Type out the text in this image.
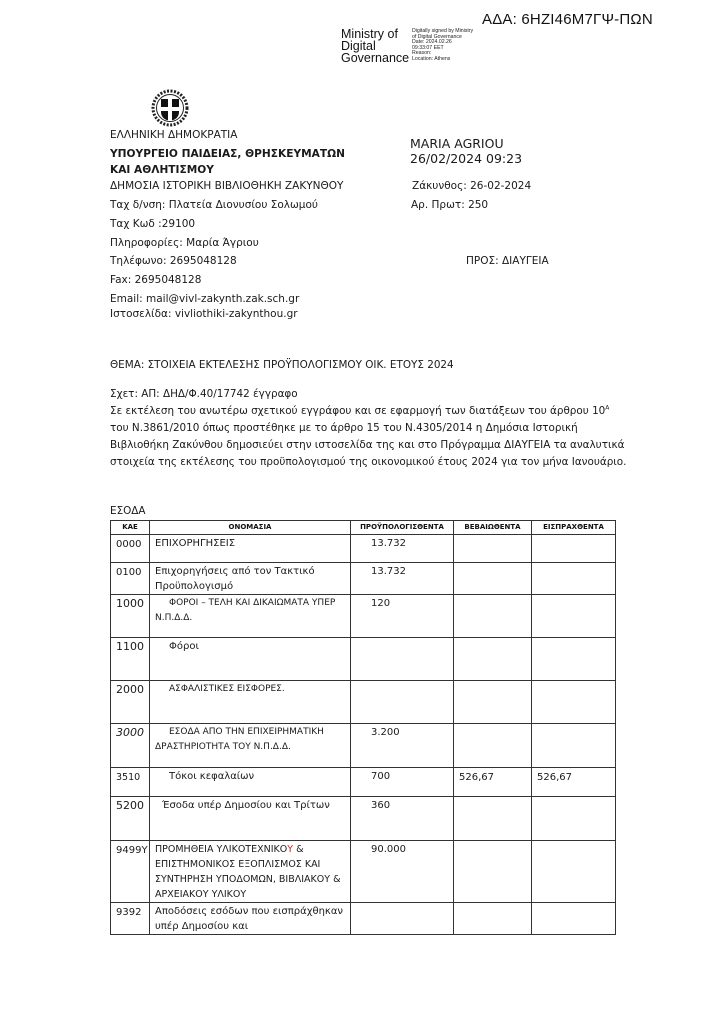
ΑΔΑ: 6ΗΖΙ46Μ7ΓΨ-ΠΩΝ
Ministry of
Digital
Governance
Digitally signed by Ministry
of Digital Governance
Date: 2024.02.26
09:33:07 EET
Reason:
Location: Athens
ΕΛΛΗΝΙΚΗ ΔΗΜΟΚΡΑΤΙΑ
ΥΠΟΥΡΓΕΙΟ ΠΑΙΔΕΙΑΣ, ΘΡΗΣΚΕΥΜΑΤΩΝ
ΚΑΙ ΑΘΛΗΤΙΣΜΟΥ
ΔΗΜΟΣΙΑ ΙΣΤΟΡΙΚΗ ΒΙΒΛΙΟΘΗΚΗ ΖΑΚΥΝΘΟΥ
Ταχ δ/νση: Πλατεία Διονυσίου Σολωμού
Ταχ Κωδ :29100
Πληροφορίες: Μαρία Άγριου
Τηλέφωνο: 2695048128
Fax: 2695048128
Email: mail@vivl-zakynth.zak.sch.gr
Ιστοσελίδα: vivliothiki-zakynthou.gr
MARIA AGRIOU
26/02/2024 09:23
Ζάκυνθος: 26-02-2024
Αρ. Πρωτ: 250
ΠΡΟΣ: ΔΙΑΥΓΕΙΑ
ΘΕΜΑ: ΣΤΟΙΧΕΙΑ ΕΚΤΕΛΕΣΗΣ ΠΡΟΫΠΟΛΟΓΙΣΜΟΥ ΟΙΚ. ΕΤΟΥΣ 2024
Σχετ: ΑΠ: ΔΗΔ/Φ.40/17742 έγγραφο
Σε εκτέλεση του ανωτέρω σχετικού εγγράφου και σε εφαρμογή των διατάξεων του άρθρου $10^A$ του Ν.3861/2010 όπως προστέθηκε με το άρθρο 15 του Ν.4305/2014 η Δημόσια Ιστορική Βιβλιοθήκη Ζακύνθου δημοσιεύει στην ιστοσελίδα της και στο Πρόγραμμα ΔΙΑΥΓΕΙΑ τα αναλυτικά στοιχεία της εκτέλεσης του προϋπολογισμού της οικονομικού έτους 2024 για τον μήνα Ιανουάριο.
ΕΣΟΔΑ
ΚΑΕ	ΟΝΟΜΑΣΙΑ	ΠΡΟΫΠΟΛΟΓΙΣΘΕΝΤΑ	ΒΕΒΑΙΩΘΕΝΤΑ	ΕΙΣΠΡΑΧΘΕΝΤΑ
0000	ΕΠΙΧΟΡΗΓΗΣΕΙΣ	13.732		
0100	Επιχορηγήσεις από τον Τακτικό Προϋπολογισμό	13.732		
1000	ΦΟΡΟΙ – ΤΕΛΗ ΚΑΙ ΔΙΚΑΙΩΜΑΤΑ ΥΠΕΡ Ν.Π.Δ.Δ.	120		
1100	Φόροι			
2000	ΑΣΦΑΛΙΣΤΙΚΕΣ ΕΙΣΦΟΡΕΣ.			
3000	ΕΣΟΔΑ ΑΠΟ ΤΗΝ ΕΠΙΧΕΙΡΗΜΑΤΙΚΗ ΔΡΑΣΤΗΡΙΟΤΗΤΑ ΤΟΥ Ν.Π.Δ.Δ.	3.200		
3510	Τόκοι κεφαλαίων	700	526,67	526,67
5200	Έσοδα υπέρ Δημοσίου και Τρίτων	360		
9499Υ	ΠΡΟΜΗΘΕΙΑ ΥΛΙΚΟΤΕΧΝΙΚΟΥ & ΕΠΙΣΤΗΜΟΝΙΚΟΣ ΕΞΟΠΛΙΣΜΟΣ ΚΑΙ ΣΥΝΤΗΡΗΣΗ ΥΠΟΔΟΜΩΝ, ΒΙΒΛΙΑΚΟΥ & ΑΡΧΕΙΑΚΟΥ ΥΛΙΚΟΥ	90.000		
9392	Αποδόσεις εσόδων που εισπράχθηκαν υπέρ Δημοσίου και			
